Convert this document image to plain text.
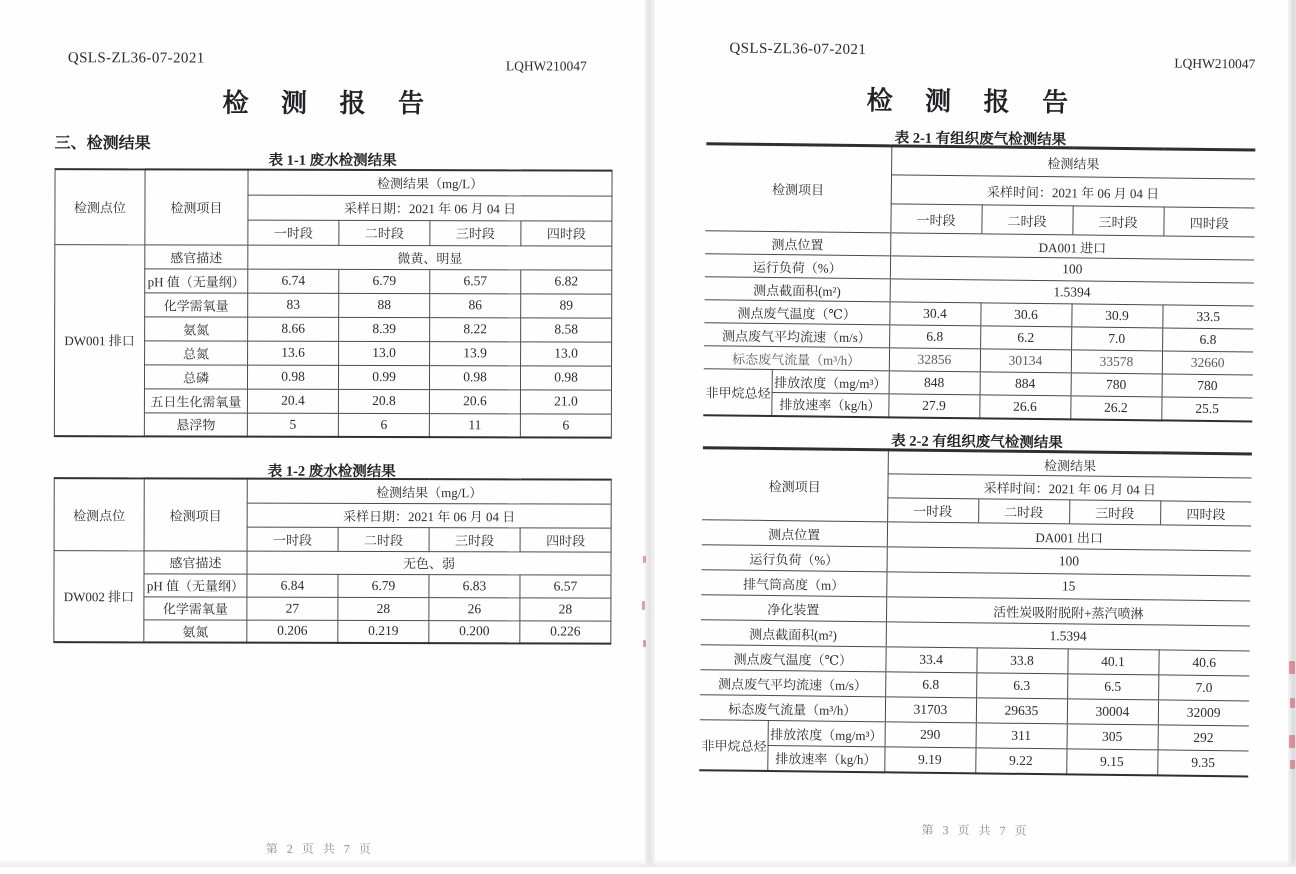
QSLS-ZL36-07-2021	LQHW210047
检 测 报 告
三、检测结果
表 1-1 废水检测结果
检测点位	检测项目	检测结果（mg/L）			
		采样日期：2021 年 06 月 04 日			
		一时段	二时段	三时段	四时段
DW001 排口	感官描述	微黄、明显			
	pH 值（无量纲）	6.74	6.79	6.57	6.82
	化学需氧量	83	88	86	89
	氨氮	8.66	8.39	8.22	8.58
	总氮	13.6	13.0	13.9	13.0
	总磷	0.98	0.99	0.98	0.98
	五日生化需氧量	20.4	20.8	20.6	21.0
	悬浮物	5	6	11	6
表 1-2 废水检测结果
检测点位	检测项目	检测结果（mg/L）			
		采样日期：2021 年 06 月 04 日			
		一时段	二时段	三时段	四时段
DW002 排口	感官描述	无色、弱			
	pH 值（无量纲）	6.84	6.79	6.83	6.57
	化学需氧量	27	28	26	28
	氨氮	0.206	0.219	0.200	0.226
第 2 页 共 7 页
QSLS-ZL36-07-2021
LQHW210047
检 测 报 告
表 2-1 有组织废气检测结果
检测项目		检测结果			
		采样时间：2021 年 06 月 04 日			
		一时段	二时段	三时段	四时段
测点位置		DA001 进口			
运行负荷（%）		100			
测点截面积(m²)		1.5394			
测点废气温度（℃）		30.4	30.6	30.9	33.5
测点废气平均流速（m/s）		6.8	6.2	7.0	6.8
标态废气流量（m³/h）		32856	30134	33578	32660
非甲烷总烃	排放浓度（mg/m³）	848	884	780	780
	排放速率（kg/h）	27.9	26.6	26.2	25.5
表 2-2 有组织废气检测结果
检测项目		检测结果			
		采样时间：2021 年 06 月 04 日			
		一时段	二时段	三时段	四时段
测点位置		DA001 出口			
运行负荷（%）		100			
排气筒高度（m）		15			
净化装置		活性炭吸附脱附+蒸汽喷淋			
测点截面积(m²)		1.5394			
测点废气温度（℃）		33.4	33.8	40.1	40.6
测点废气平均流速（m/s）		6.8	6.3	6.5	7.0
标态废气流量（m³/h）		31703	29635	30004	32009
非甲烷总烃	排放浓度（mg/m³）	290	311	305	292
	排放速率（kg/h）	9.19	9.22	9.15	9.35
第 3 页 共 7 页
